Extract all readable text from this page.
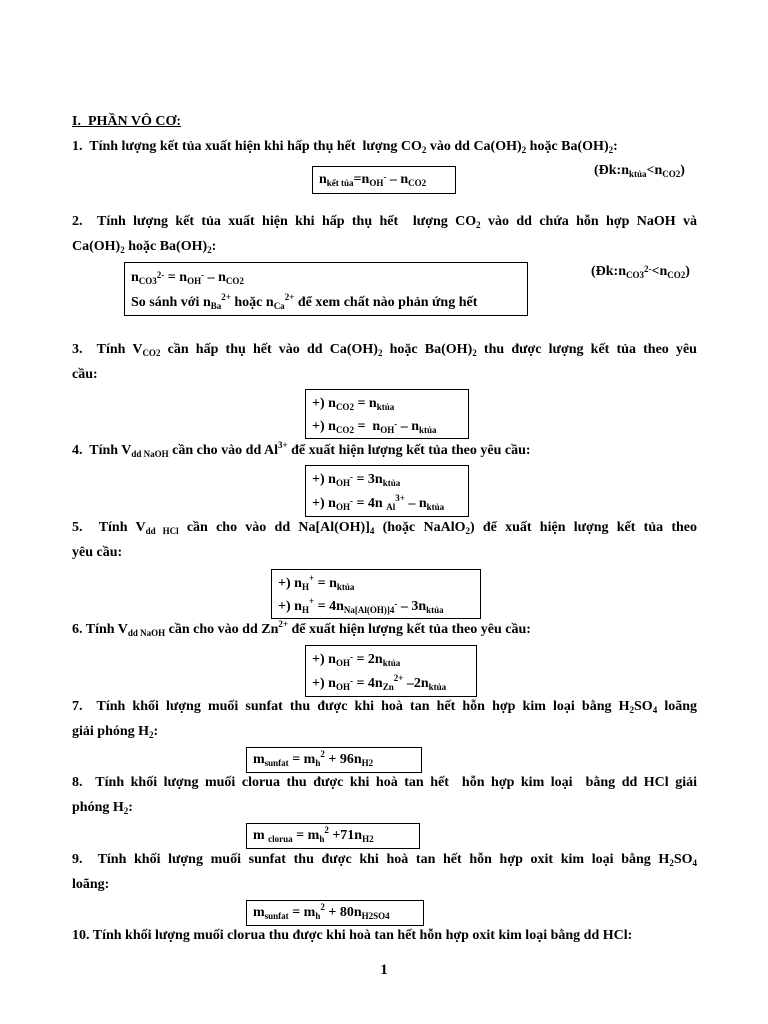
I.  PHẦN VÔ CƠ:
1.  Tính lượng kết tủa xuất hiện khi hấp thụ hết  lượng $CO_2$ vào dd $Ca(OH)_2$ hoặc $Ba(OH)_2$:
$n_{kết tủa}=n_{OH^-} - n_{CO2}$
$(Đk:n_{ktủa}<n_{CO2})$
2.  Tính lượng kết tủa xuất hiện khi hấp thụ hết  lượng $CO_2$ vào dd chứa hỗn hợp NaOH và
$Ca(OH)_2$ hoặc $Ba(OH)_2$:
$n_{CO3^{2-}} = n_{OH^-} - n_{CO2}$
So sánh với $n_{Ba}^{2+}$ hoặc $n_{Ca}^{2+}$ để xem chất nào phản ứng hết
$(Đk:n_{CO3^{2-}}<n_{CO2})$
3.  Tính $V_{CO2}$ cần hấp thụ hết vào dd $Ca(OH)_2$ hoặc $Ba(OH)_2$ thu được lượng kết tủa theo yêu
cầu:
+) $n_{CO2} = n_{ktủa}$
+) $n_{CO2} = n_{OH^-} - n_{ktủa}$
4.  Tính $V_{dd NaOH}$ cần cho vào dd $Al^{3+}$ để xuất hiện lượng kết tủa theo yêu cầu:
+) $n_{OH^-} = 3n_{ktủa}$
+) $n_{OH^-} = 4n$ $_{Al}^{3+} - n_{ktủa}$
5.  Tính $V_{dd HCl}$ cần cho vào dd $Na[Al(OH)]_4$ (hoặc NaAlO$_2$) để xuất hiện lượng kết tủa theo
yêu cầu:
+) $n_H^+ = n_{ktủa}$
+) $n_H^+ = 4n_{Na[Al(OH)]4^-} - 3n_{ktủa}$
6. Tính $V_{dd NaOH}$ cần cho vào dd $Zn^{2+}$ để xuất hiện lượng kết tủa theo yêu cầu:
+) $n_{OH^-} = 2n_{ktủa}$
+) $n_{OH^-} = 4n_{Zn}^{2+}$ $-2n_{ktủa}$
7.  Tính khối lượng muối sunfat thu được khi hoà tan hết hỗn hợp kim loại bằng $H_2SO_4$ loãng
giải phóng $H_2$:
$m_{sunfat} = m_h^2 + 96n_{H2}$
8.  Tính khối lượng muối clorua thu được khi hoà tan hết  hỗn hợp kim loại  bằng dd HCl giải
phóng $H_2$:
m $_{clorua} = m_h^2 +71n_{H2}$
9.  Tính khối lượng muối sunfat thu được khi hoà tan hết hỗn hợp oxit kim loại bằng $H_2SO_4$
loãng:
$m_{sunfat} = m_h^2 + 80n_{H2SO4}$
10. Tính khối lượng muối clorua thu được khi hoà tan hết hỗn hợp oxit kim loại bằng dd HCl:
1
